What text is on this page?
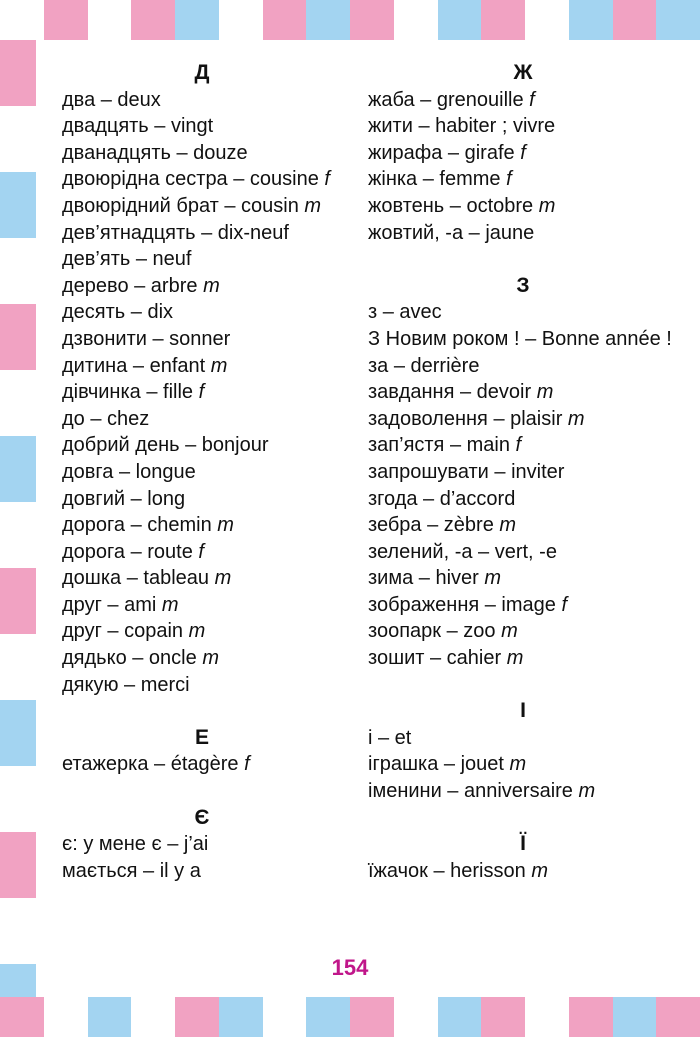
Д
два – deux
двадцять – vingt
дванадцять – douze
двоюрідна сестра – cousine f
двоюрідний брат – cousin m
дев’ятнадцять – dix-neuf
дев’ять – neuf
дерево – arbre m
десять – dix
дзвонити – sonner
дитина – enfant m
дівчинка – fille f
до – chez
добрий день – bonjour
довга – longue
довгий – long
дорога – chemin m
дорога – route f
дошка – tableau m
друг – ami m
друг – copain m
дядько – oncle m
дякую – merci
Е
етажерка – étagère f
Є
є: у мене є – j’ai
мається – il y a
Ж
жаба – grenouille f
жити – habiter ; vivre
жирафа – girafe f
жінка – femme f
жовтень – octobre m
жовтий, -а – jaune
З
з – avec
З Новим роком ! – Bonne année !
за – derrière
завдання – devoir m
задоволення – plaisir m
зап’ястя – main f
запрошувати – inviter
згода – d’accord
зебра – zèbre m
зелений, -а – vert, -e
зима – hiver m
зображення – image f
зоопарк – zoo m
зошит – cahier m
І
і – et
іграшка – jouet m
іменини – anniversaire m
Ї
їжачок – herisson m
154
